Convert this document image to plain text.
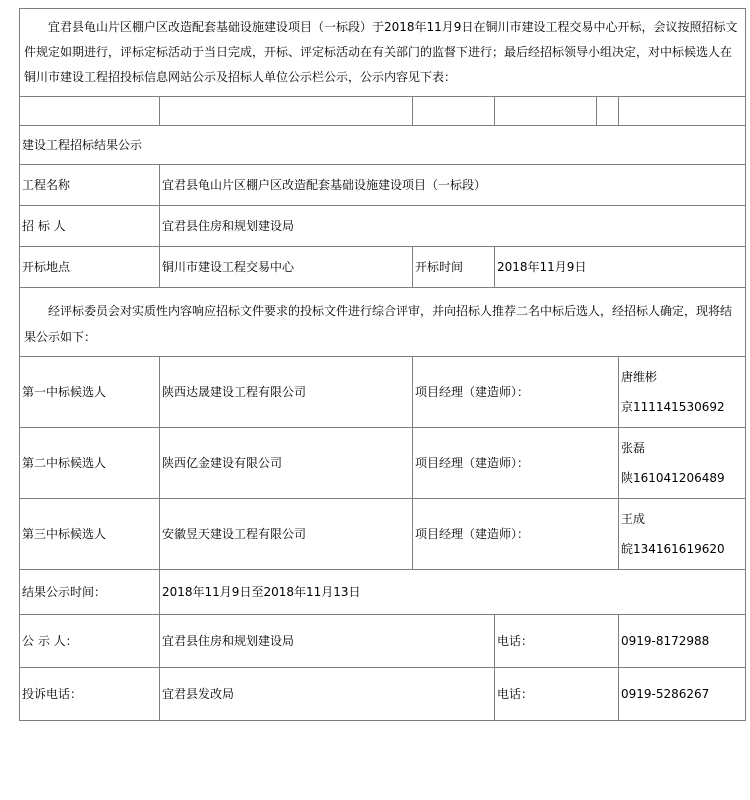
宜君县龟山片区棚户区改造配套基础设施建设项目（一标段）于2018年11月9日在铜川市建设工程交易中心开标，会议按照招标文件规定如期进行，评标定标活动于当日完成，开标、评定标活动在有关部门的监督下进行；最后经招标领导小组决定，对中标候选人在铜川市建设工程招投标信息网站公示及招标人单位公示栏公示，公示内容见下表：					

建设工程招标结果公示					
工程名称	宜君县龟山片区棚户区改造配套基础设施建设项目（一标段）				
招 标 人	宜君县住房和规划建设局				
开标地点	铜川市建设工程交易中心	开标时间	2018年11月9日		

经评标委员会对实质性内容响应招标文件要求的投标文件进行综合评审，并向招标人推荐二名中标后选人，经招标人确定，现将结果公示如下：					

第一中标候选人	陕西达晟建设工程有限公司	项目经理（建造师）：			唐维彬
京111141530692

第二中标候选人	陕西亿金建设有限公司	项目经理（建造师）：			张磊
陕161041206489

第三中标候选人	安徽昱天建设工程有限公司	项目经理（建造师）：			王成
皖134161619620

结果公示时间：	2018年11月9日至2018年11月13日				
公 示 人：	宜君县住房和规划建设局		电话：		0919-8172988
投诉电话：	宜君县发改局		电话：		0919-5286267
